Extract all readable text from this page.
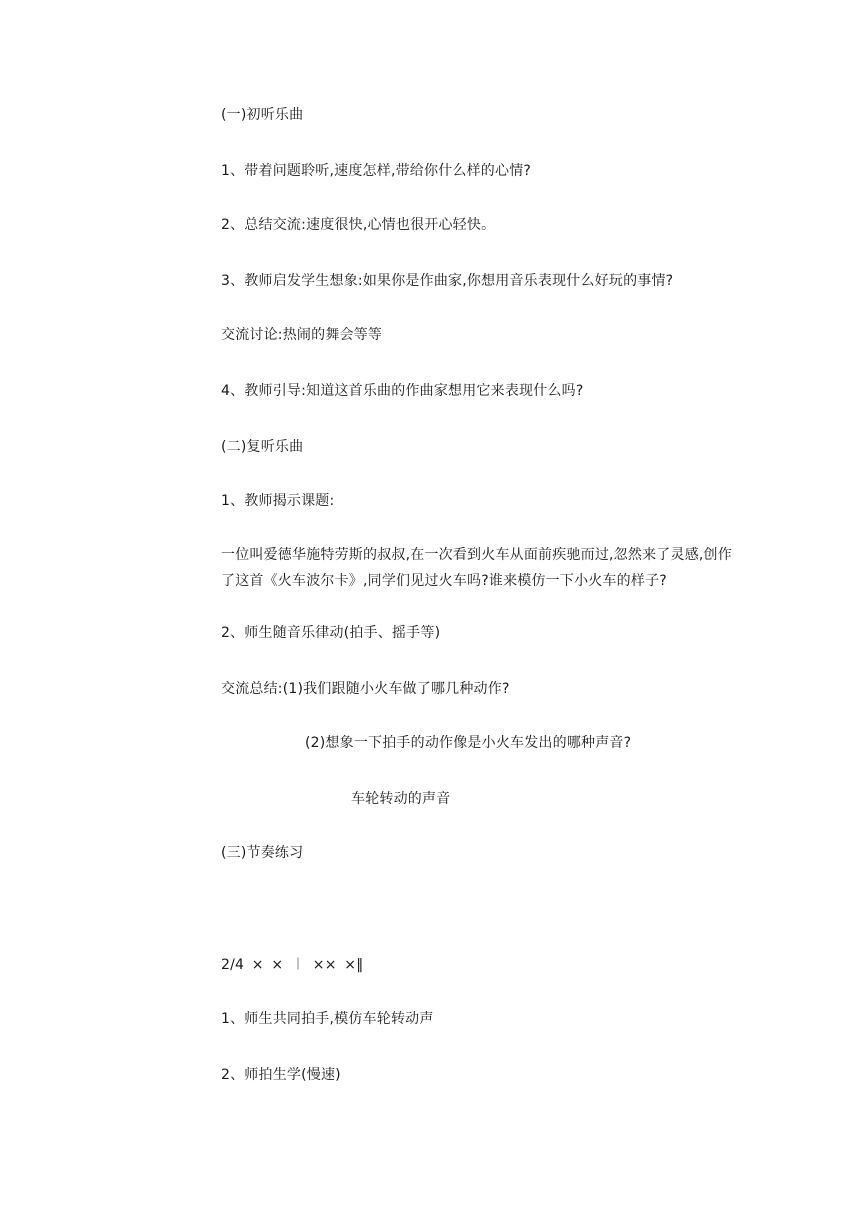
(一)初听乐曲
1、带着问题聆听,速度怎样,带给你什么样的心情?
2、总结交流:速度很快,心情也很开心轻快。
3、教师启发学生想象:如果你是作曲家,你想用音乐表现什么好玩的事情?
交流讨论:热闹的舞会等等
4、教师引导:知道这首乐曲的作曲家想用它来表现什么吗?
(二)复听乐曲
1、教师揭示课题:
一位叫爱德华施特劳斯的叔叔,在一次看到火车从面前疾驰而过,忽然来了灵感,创作了这首《火车波尔卡》,同学们见过火车吗?谁来模仿一下小火车的样子?
2、师生随音乐律动(拍手、摇手等)
交流总结:(1)我们跟随小火车做了哪几种动作?
(2)想象一下拍手的动作像是小火车发出的哪种声音?
车轮转动的声音
(三)节奏练习
2/4 × × ︱ ×× ×‖
1、师生共同拍手,模仿车轮转动声
2、师拍生学(慢速)
